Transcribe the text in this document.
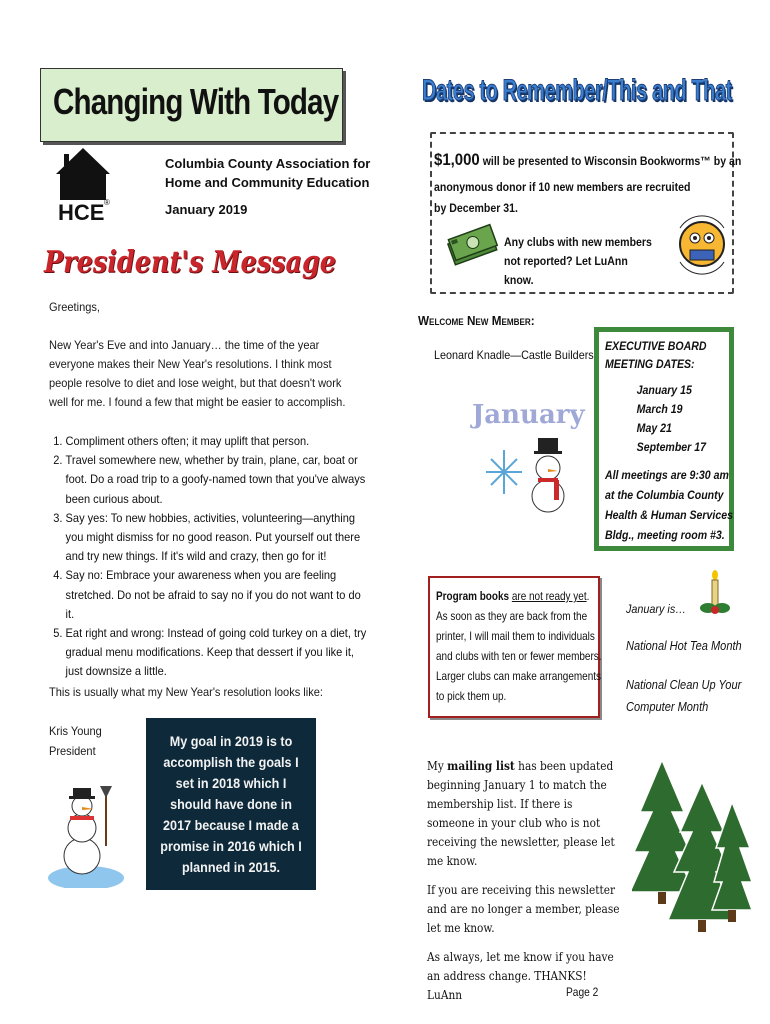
Changing With Today
HCE ®
Columbia County Association for
Home and Community Education
January 2019
President's Message
Greetings,
New Year's Eve and into January… the time of the year everyone makes their New Year's resolutions. I think most people resolve to diet and lose weight, but that doesn't work well for me. I found a few that might be easier to accomplish.
1. Compliment others often; it may uplift that person.
2. Travel somewhere new, whether by train, plane, car, boat or foot. Do a road trip to a goofy-named town that you've always been curious about.
3. Say yes: To new hobbies, activities, volunteering—anything you might dismiss for no good reason. Put yourself out there and try new things. If it's wild and crazy, then go for it!
4. Say no: Embrace your awareness when you are feeling stretched. Do not be afraid to say no if you do not want to do it.
5. Eat right and wrong: Instead of going cold turkey on a diet, try gradual menu modifications. Keep that dessert if you like it, just downsize a little.
This is usually what my New Year's resolution looks like:
Kris Young
President
My goal in 2019 is to accomplish the goals I set in 2018 which I should have done in 2017 because I made a promise in 2016 which I planned in 2015.
Dates to Remember/This and That
$1,000 will be presented to Wisconsin Bookworms™ by an
anonymous donor if 10 new members are recruited
by December 31.
Any clubs with new members not reported? Let LuAnn know.
Welcome New Member:
Leonard Knadle—Castle Builders
January
EXECUTIVE BOARD
MEETING DATES:
January 15
March 19
May 21
September 17
All meetings are 9:30 am at the Columbia County Health & Human Services Bldg., meeting room #3.
Program books are not ready yet. As soon as they are back from the printer, I will mail them to individuals and clubs with ten or fewer members. Larger clubs can make arrangements to pick them up.
January is…
National Hot Tea Month
National Clean Up Your
Computer Month

My mailing list has been updated beginning January 1 to match the membership list. If there is someone in your club who is not receiving the newsletter, please let me know.

If you are receiving this newsletter and are no longer a member, please let me know.

As always, let me know if you have an address change. THANKS! LuAnn	Page 2
